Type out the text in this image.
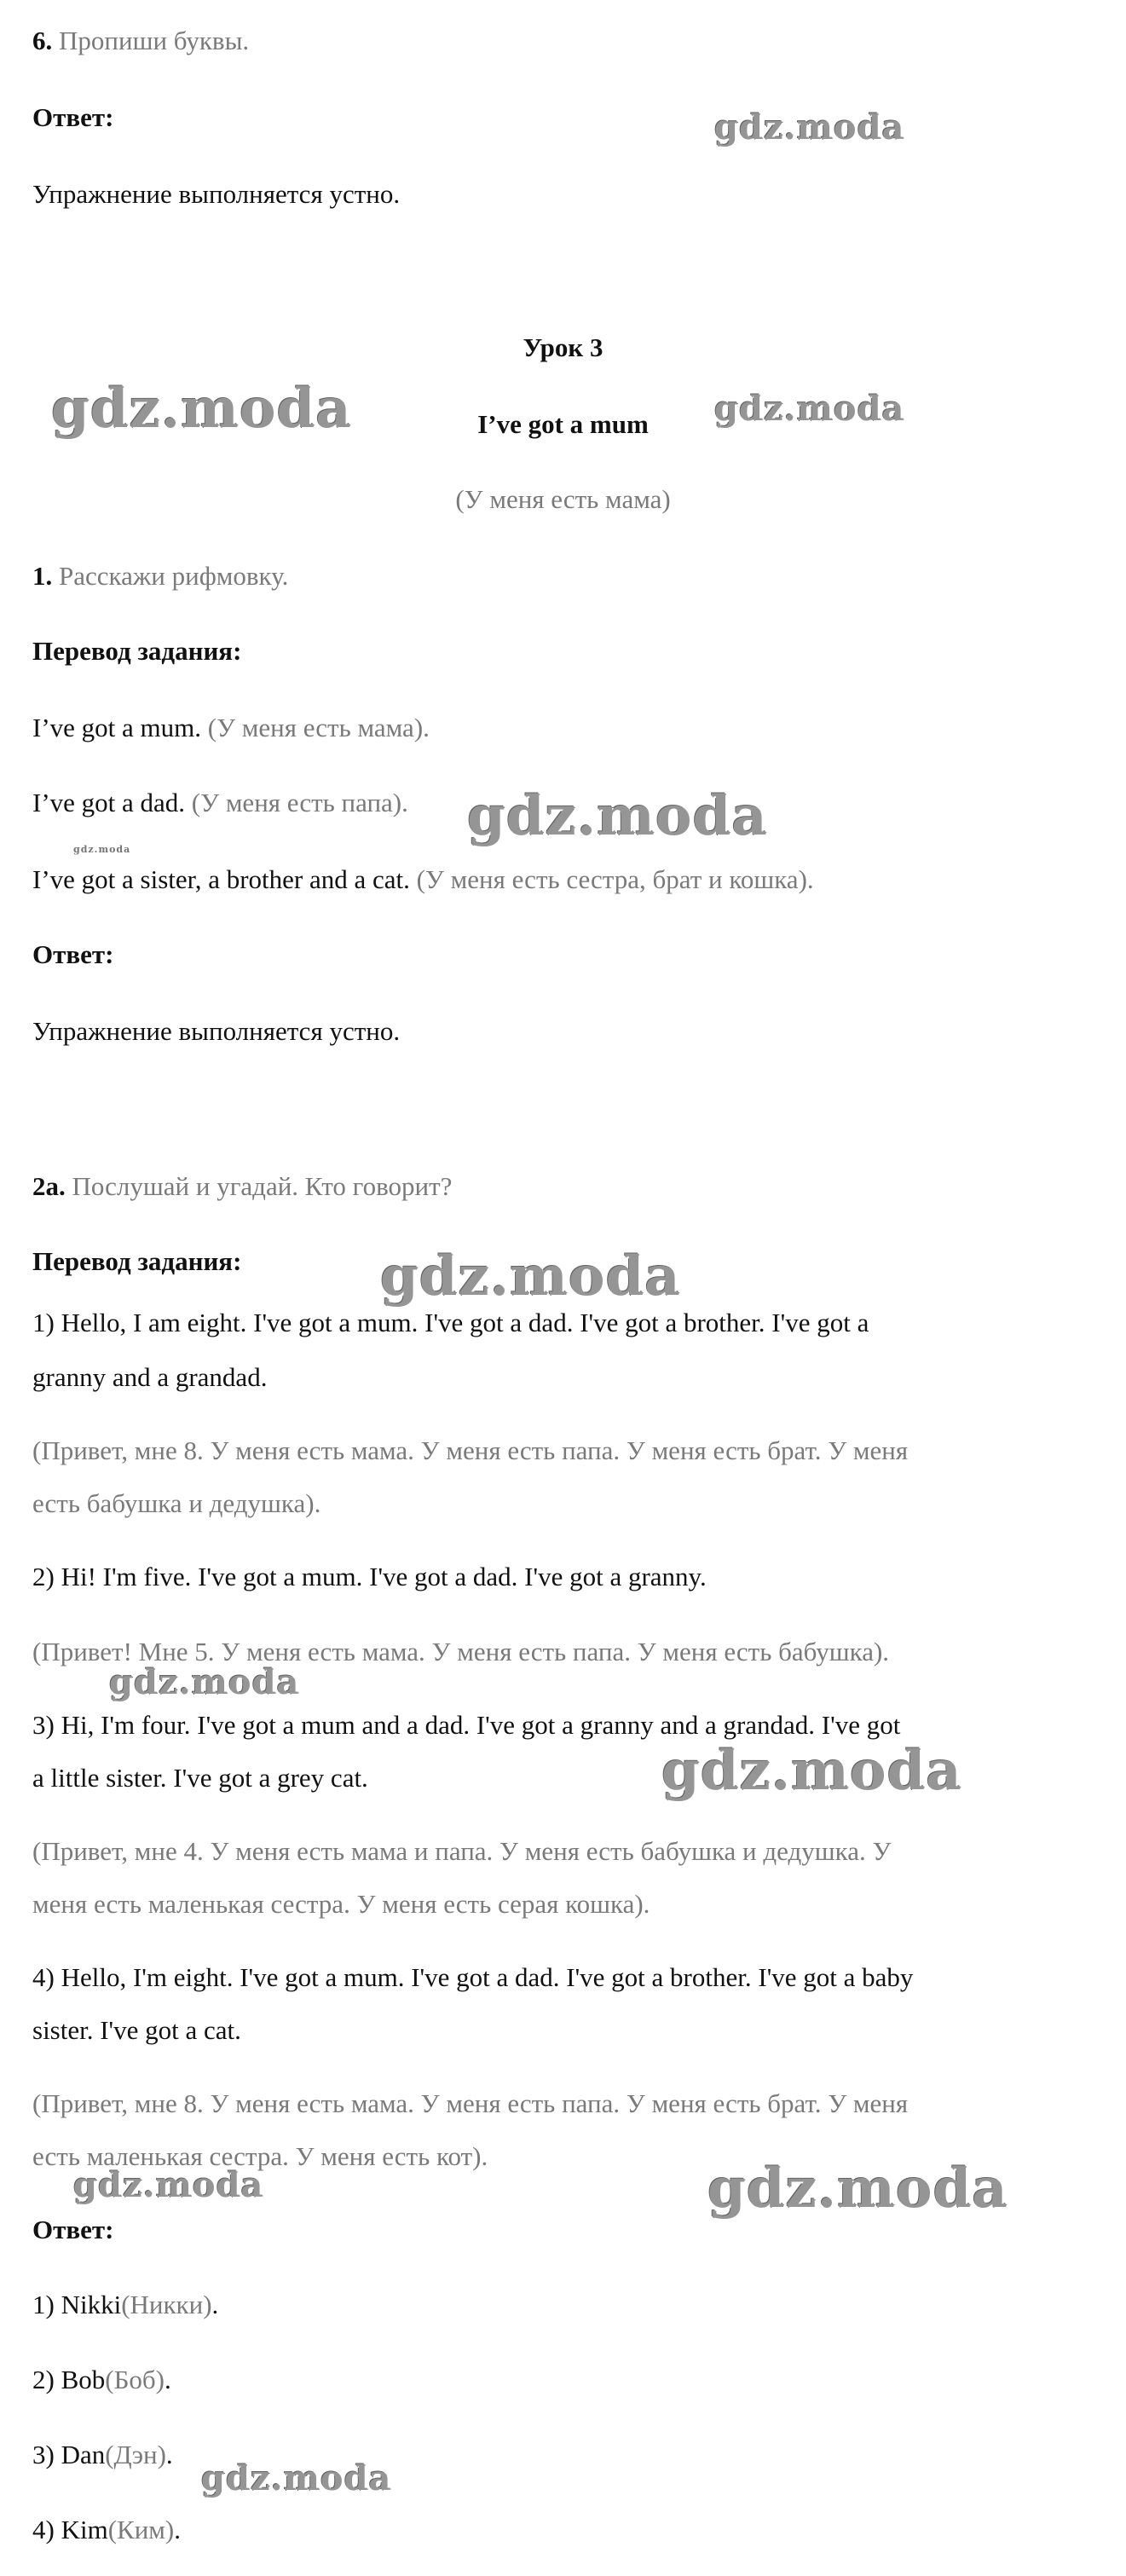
6. Пропиши буквы.
Ответ:
Упражнение выполняется устно.
Урок 3
I’ve got a mum
(У меня есть мама)
1. Расскажи рифмовку.
Перевод задания:
I’ve got a mum. (У меня есть мама).
I’ve got a dad. (У меня есть папа).
I’ve got a sister, a brother and a cat. (У меня есть сестра, брат и кошка).
Ответ:
Упражнение выполняется устно.
2a. Послушай и угадай. Кто говорит?
Перевод задания:
1) Hello, I am eight. I've got a mum. I've got a dad. I've got a brother. I've got a
granny and a grandad.
(Привет, мне 8. У меня есть мама. У меня есть папа. У меня есть брат. У меня
есть бабушка и дедушка).
2) Hi! I'm five. I've got a mum. I've got a dad. I've got a granny.
(Привет! Мне 5. У меня есть мама. У меня есть папа. У меня есть бабушка).
3) Hi, I'm four. I've got a mum and a dad. I've got a granny and a grandad. I've got
a little sister. I've got a grey cat.
(Привет, мне 4. У меня есть мама и папа. У меня есть бабушка и дедушка. У
меня есть маленькая сестра. У меня есть серая кошка).
4) Hello, I'm eight. I've got a mum. I've got a dad. I've got a brother. I've got a baby
sister. I've got a cat.
(Привет, мне 8. У меня есть мама. У меня есть папа. У меня есть брат. У меня
есть маленькая сестра. У меня есть кот).
Ответ:
1) Nikki(Никки).
2) Bob(Боб).
3) Dan(Дэн).
4) Kim(Ким).
gdz.moda
gdz.moda	gdz.moda
gdz.moda
gdz.moda
gdz.moda
gdz.moda
gdz.moda
gdz.moda	gdz.moda
gdz.moda
